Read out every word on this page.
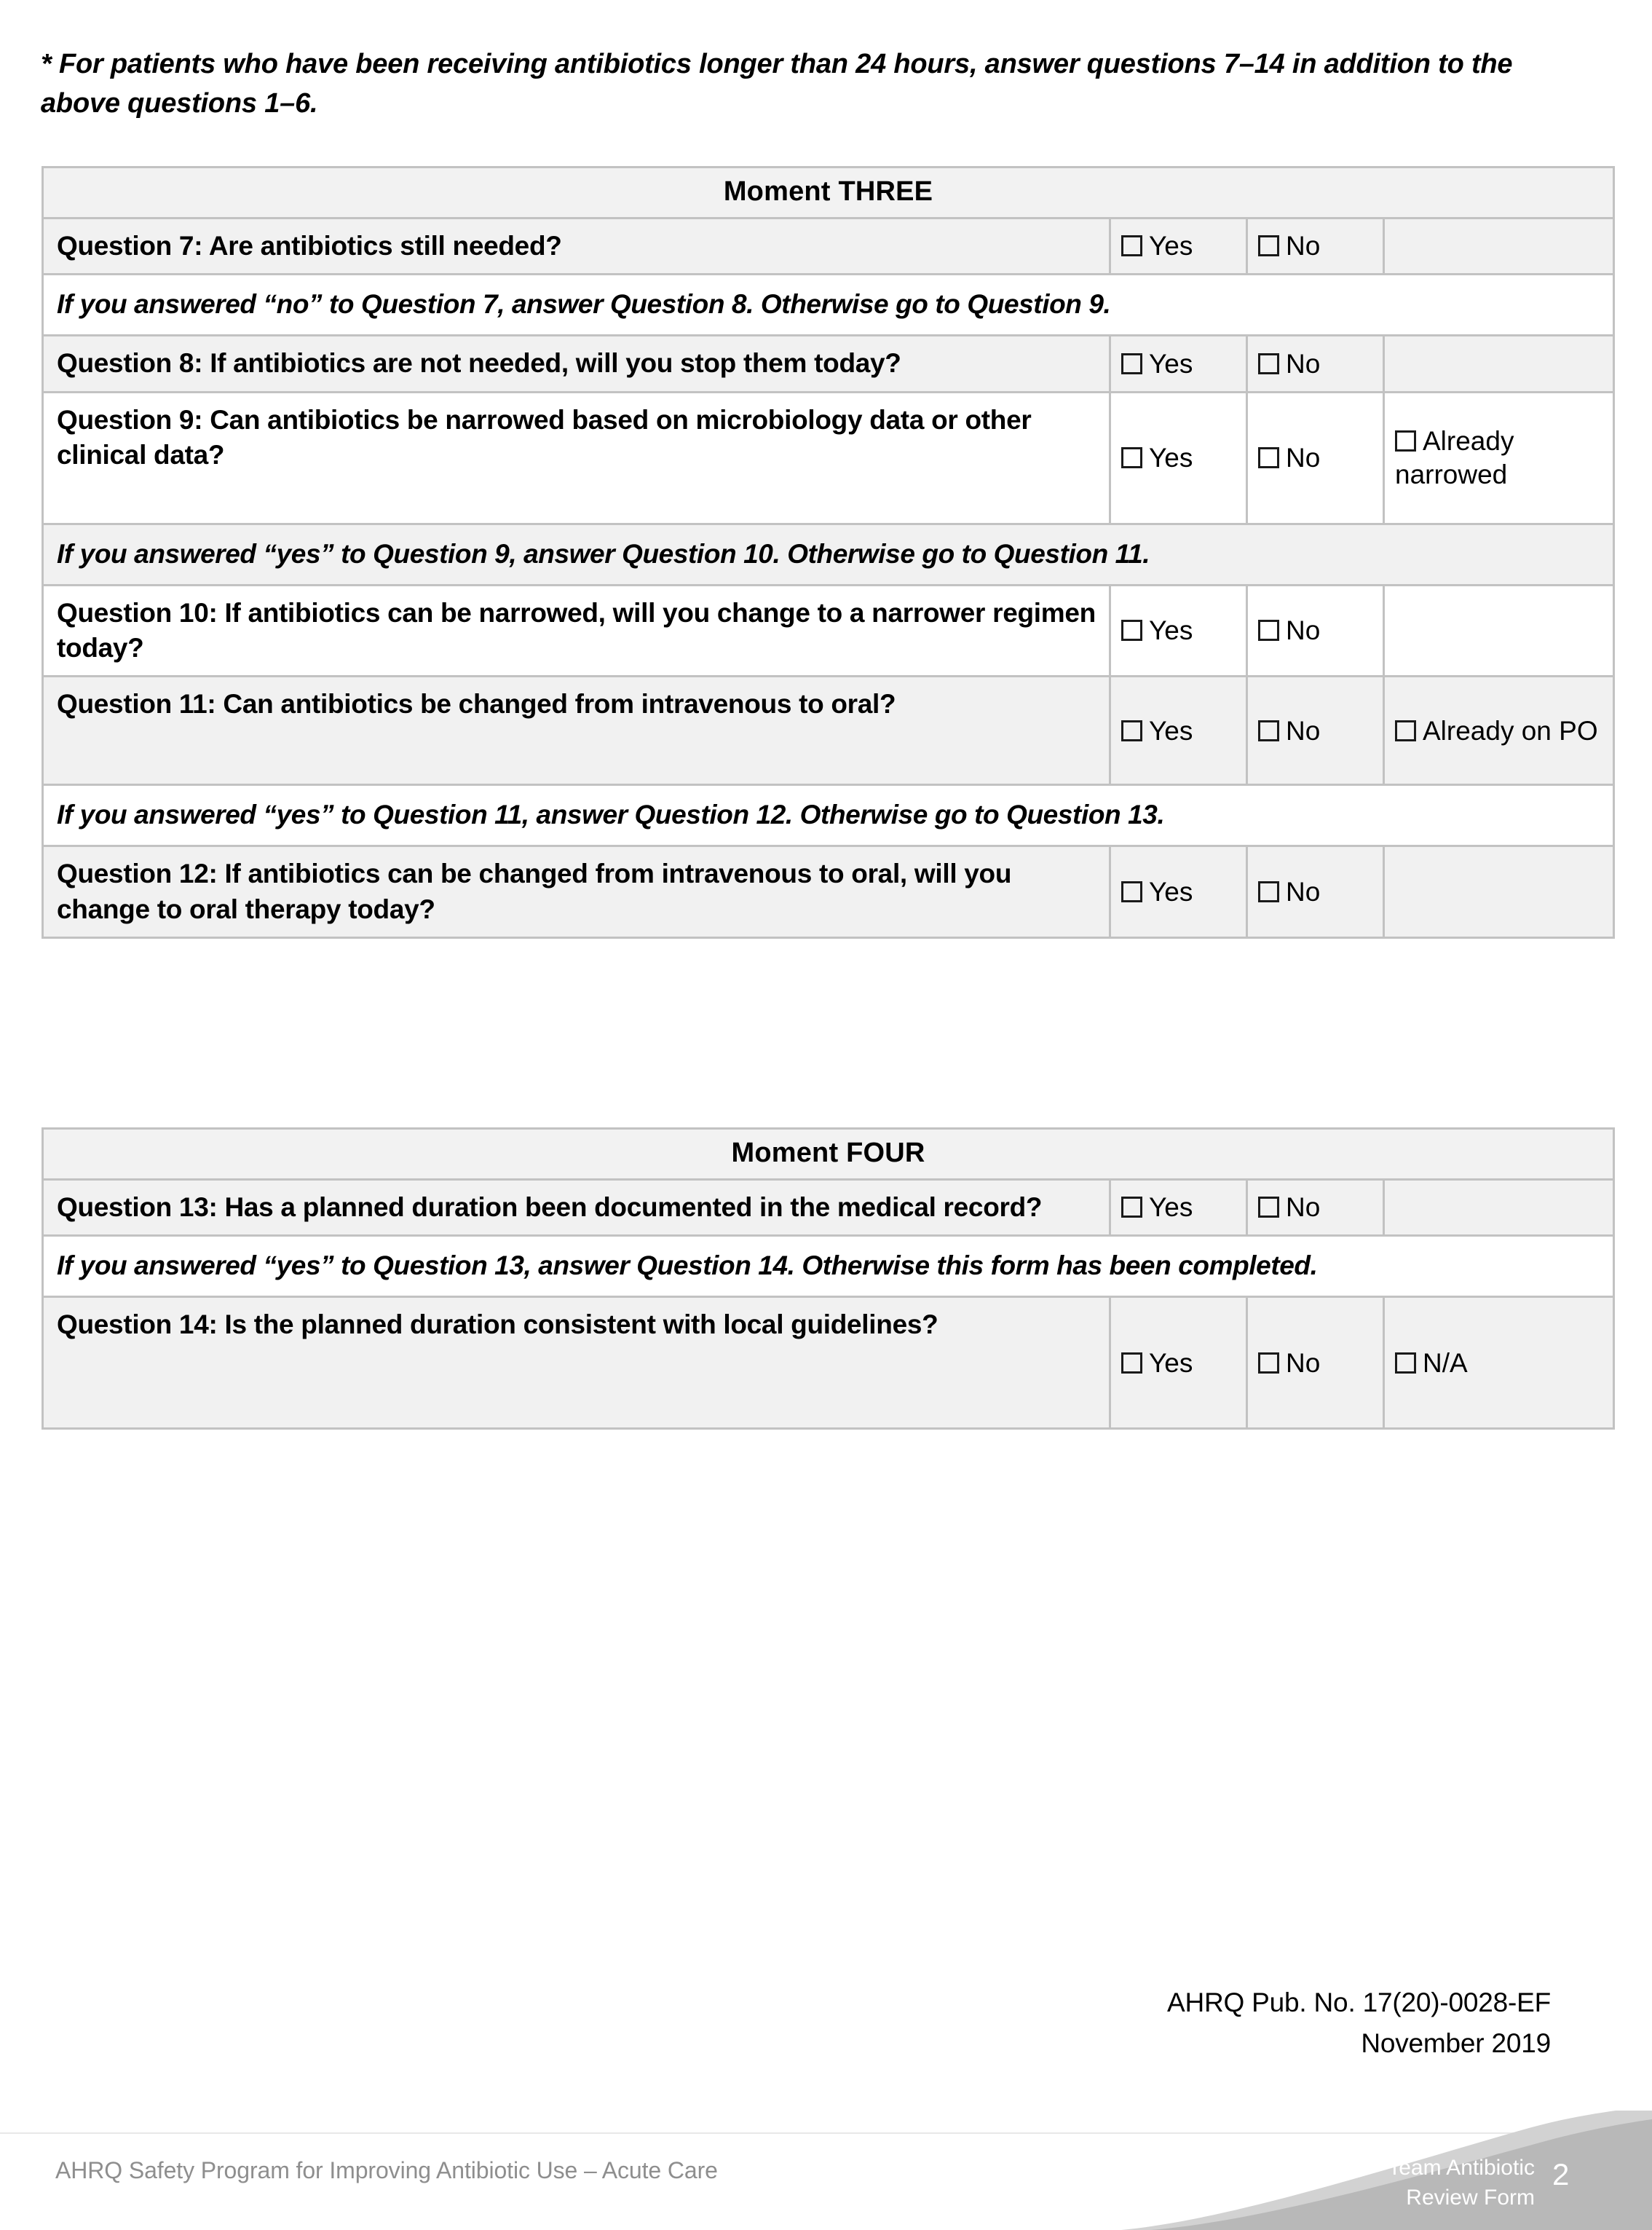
* For patients who have been receiving antibiotics longer than 24 hours, answer questions 7–14 in addition to the above questions 1–6.
Moment THREE			
Question 7: Are antibiotics still needed?	Yes	No	
If you answered “no” to Question 7, answer Question 8. Otherwise go to Question 9.			
Question 8: If antibiotics are not needed, will you stop them today?	Yes	No	
Question 9: Can antibiotics be narrowed based on microbiology data or other clinical data?	Yes	No	Already narrowed
If you answered “yes” to Question 9, answer Question 10. Otherwise go to Question 11.			
Question 10: If antibiotics can be narrowed, will you change to a narrower regimen today?	Yes	No	
Question 11: Can antibiotics be changed from intravenous to oral?	Yes	No	Already on PO
If you answered “yes” to Question 11, answer Question 12. Otherwise go to Question 13.			
Question 12: If antibiotics can be changed from intravenous to oral, will you change to oral therapy today?	Yes	No	
Moment FOUR			
Question 13: Has a planned duration been documented in the medical record?	Yes	No	
If you answered “yes” to Question 13, answer Question 14. Otherwise this form has been completed.			
Question 14: Is the planned duration consistent with local guidelines?	Yes	No	N/A
AHRQ Pub. No. 17(20)-0028-EF
November 2019
AHRQ Safety Program for Improving Antibiotic Use – Acute Care	Team Antibiotic
Review Form
2
